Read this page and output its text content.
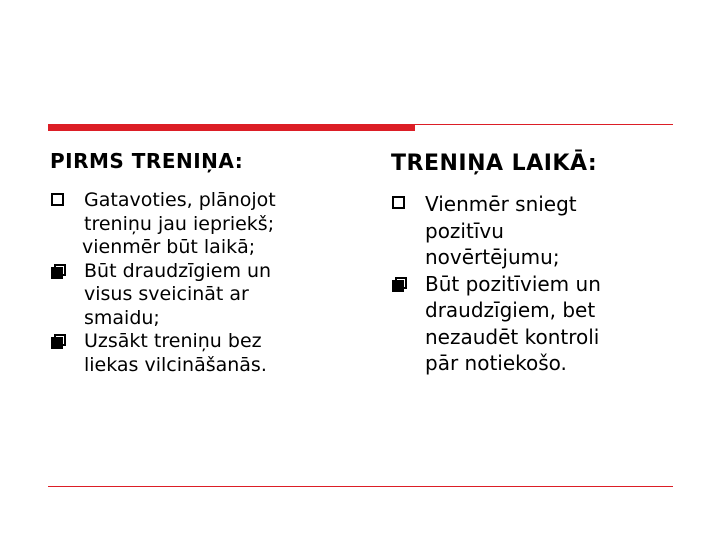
PIRMS TRENIŅA:
Gatavoties, plānojot
treniņu jau iepriekš;
vienmēr būt laikā;
Būt draudzīgiem un
visus sveicināt ar
smaidu;
Uzsākt treniņu bez
liekas vilcināšanās.
TRENIŅA LAIKĀ:
Vienmēr sniegt
pozitīvu
novērtējumu;
Būt pozitīviem un
draudzīgiem, bet
nezaudēt kontroli
pār notiekošo.
